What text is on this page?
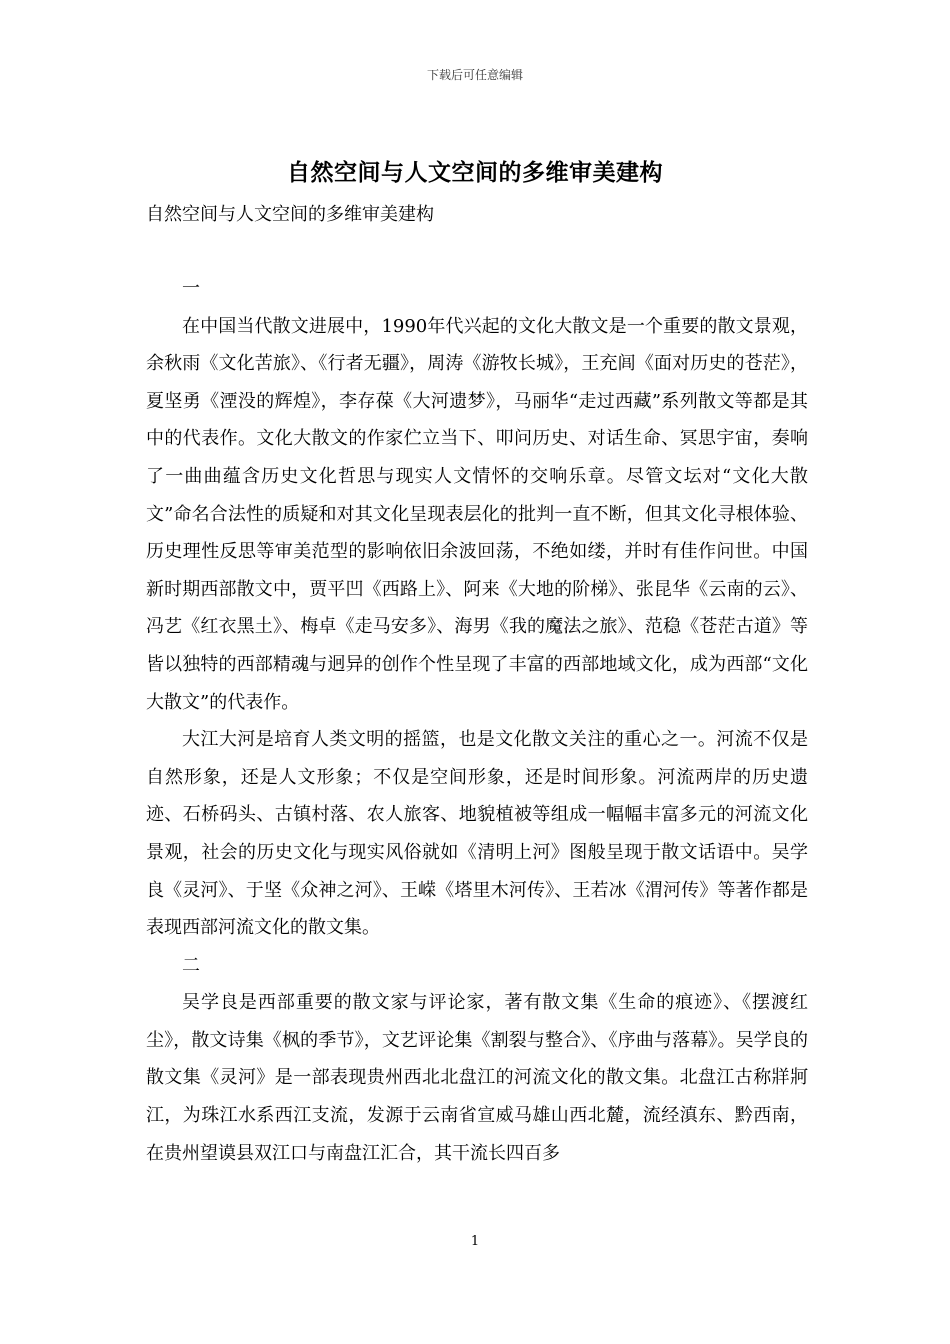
下载后可任意编辑
自然空间与人文空间的多维审美建构
自然空间与人文空间的多维审美建构

一

在中国当代散文进展中，1990年代兴起的文化大散文是一个重要的散文景观，余秋雨《文化苦旅》、《行者无疆》，周涛《游牧长城》，王充闾《面对历史的苍茫》，夏坚勇《湮没的辉煌》，李存葆《大河遗梦》，马丽华“走过西藏”系列散文等都是其中的代表作。文化大散文的作家伫立当下、叩问历史、对话生命、冥思宇宙，奏响了一曲曲蕴含历史文化哲思与现实人文情怀的交响乐章。尽管文坛对“文化大散文”命名合法性的质疑和对其文化呈现表层化的批判一直不断，但其文化寻根体验、历史理性反思等审美范型的影响依旧余波回荡，不绝如缕，并时有佳作问世。中国新时期西部散文中，贾平凹《西路上》、阿来《大地的阶梯》、张昆华《云南的云》、冯艺《红衣黑土》、梅卓《走马安多》、海男《我的魔法之旅》、范稳《苍茫古道》等皆以独特的西部精魂与迥异的创作个性呈现了丰富的西部地域文化，成为西部“文化大散文”的代表作。

大江大河是培育人类文明的摇篮，也是文化散文关注的重心之一。河流不仅是自然形象，还是人文形象；不仅是空间形象，还是时间形象。河流两岸的历史遗迹、石桥码头、古镇村落、农人旅客、地貌植被等组成一幅幅丰富多元的河流文化景观，社会的历史文化与现实风俗就如《清明上河》图般呈现于散文话语中。吴学良《灵河》、于坚《众神之河》、王嵘《塔里木河传》、王若冰《渭河传》等著作都是表现西部河流文化的散文集。

二

吴学良是西部重要的散文家与评论家，著有散文集《生命的痕迹》、《摆渡红尘》，散文诗集《枫的季节》，文艺评论集《割裂与整合》、《序曲与落幕》。吴学良的散文集《灵河》是一部表现贵州西北北盘江的河流文化的散文集。北盘江古称牂牁江，为珠江水系西江支流，发源于云南省宣威马雄山西北麓，流经滇东、黔西南，在贵州望谟县双江口与南盘江汇合，其干流长四百多

1
